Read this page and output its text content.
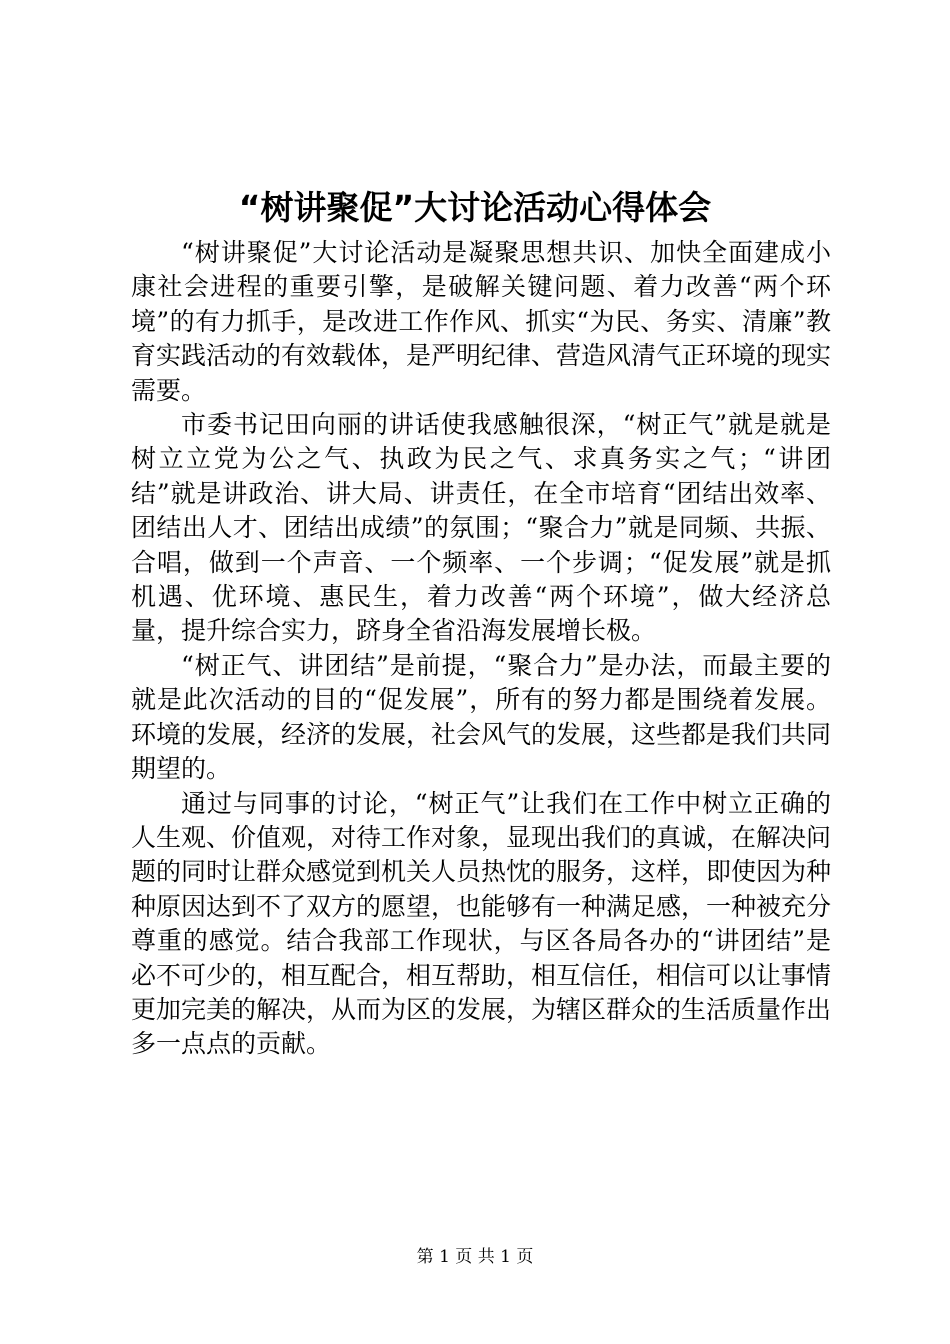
“树讲聚促”大讨论活动心得体会

“树讲聚促”大讨论活动是凝聚思想共识、加快全面建成小康社会进程的重要引擎，是破解关键问题、着力改善“两个环境”的有力抓手，是改进工作作风、抓实“为民、务实、清廉”教育实践活动的有效载体，是严明纪律、营造风清气正环境的现实需要。

市委书记田向丽的讲话使我感触很深，“树正气”就是就是树立立党为公之气、执政为民之气、求真务实之气；“讲团结”就是讲政治、讲大局、讲责任，在全市培育“团结出效率、团结出人才、团结出成绩”的氛围；“聚合力”就是同频、共振、合唱，做到一个声音、一个频率、一个步调；“促发展”就是抓机遇、优环境、惠民生，着力改善“两个环境”，做大经济总量，提升综合实力，跻身全省沿海发展增长极。

“树正气、讲团结”是前提，“聚合力”是办法，而最主要的就是此次活动的目的“促发展”，所有的努力都是围绕着发展。环境的发展，经济的发展，社会风气的发展，这些都是我们共同期望的。

通过与同事的讨论，“树正气”让我们在工作中树立正确的人生观、价值观，对待工作对象，显现出我们的真诚，在解决问题的同时让群众感觉到机关人员热忱的服务，这样，即使因为种种原因达到不了双方的愿望，也能够有一种满足感，一种被充分尊重的感觉。结合我部工作现状，与区各局各办的“讲团结”是必不可少的，相互配合，相互帮助，相互信任，相信可以让事情更加完美的解决，从而为区的发展，为辖区群众的生活质量作出多一点点的贡献。

第 1 页 共 1 页
